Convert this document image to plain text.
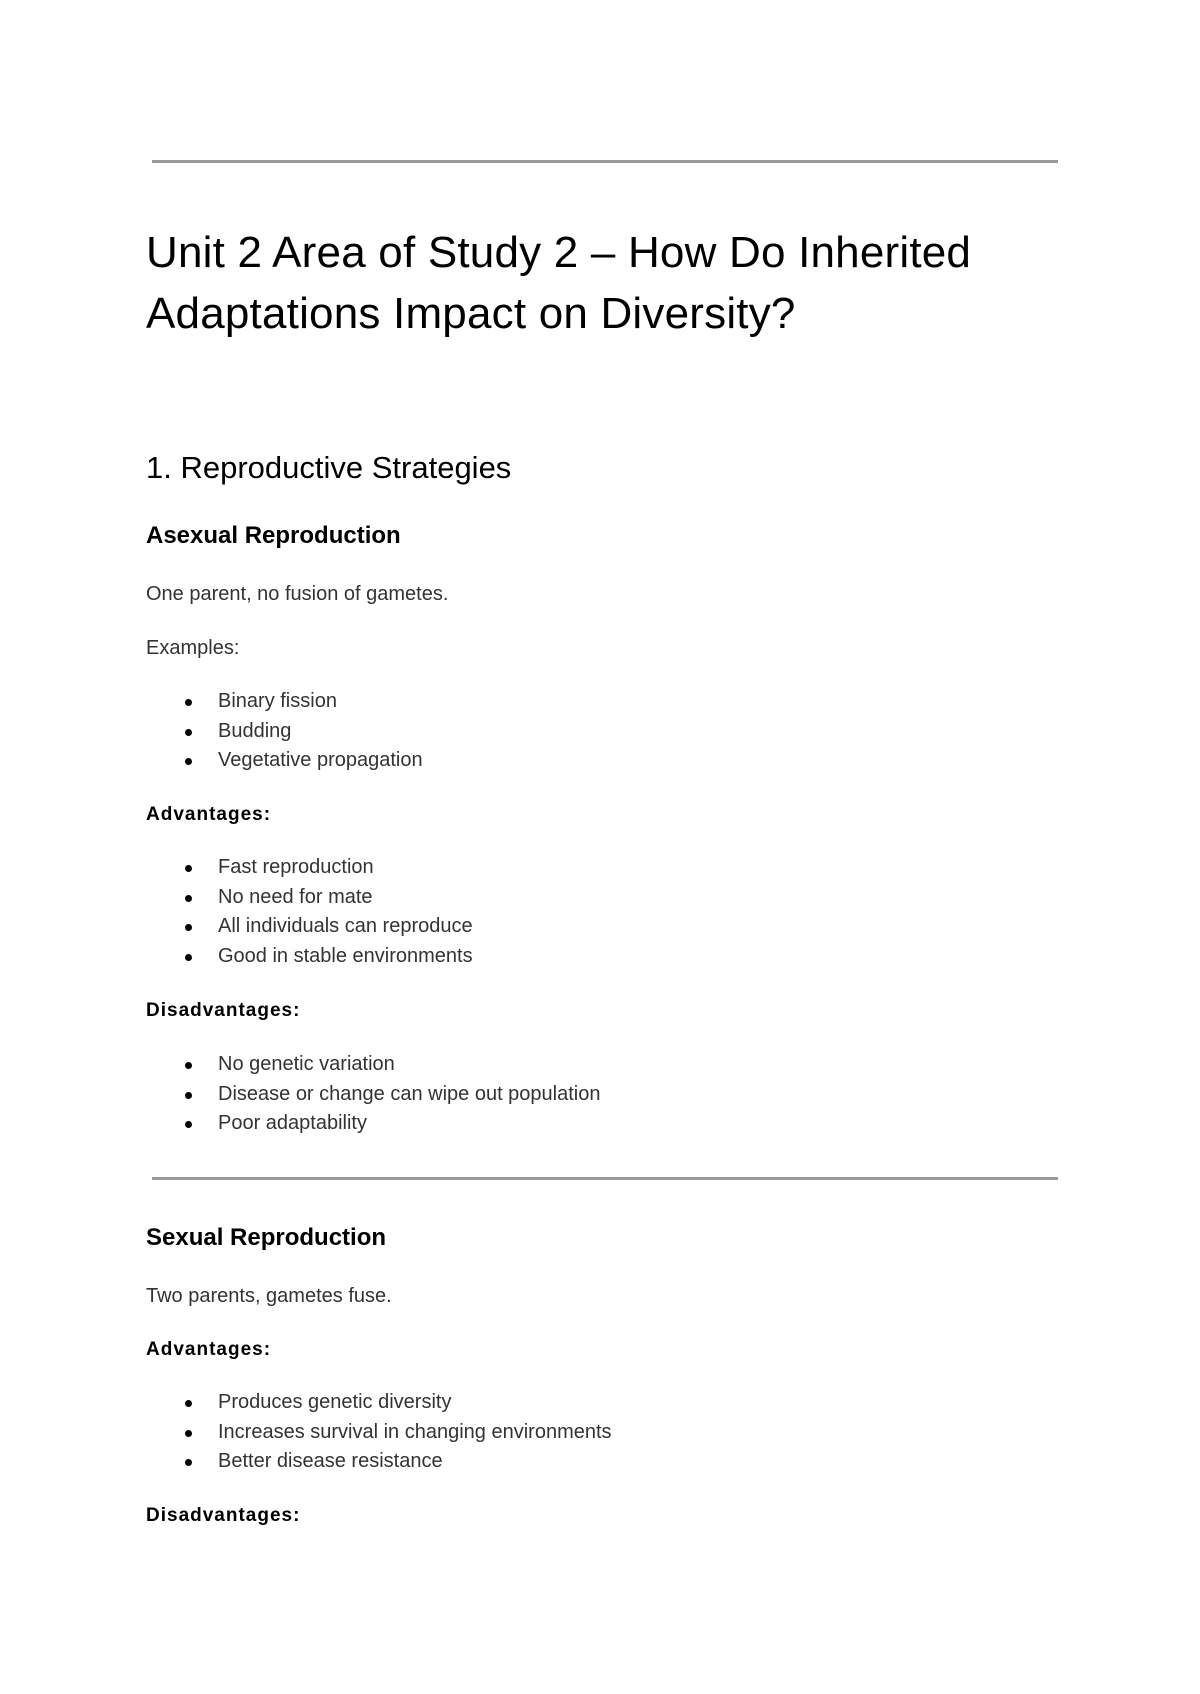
Unit 2 Area of Study 2 – How Do Inherited Adaptations Impact on Diversity?
1. Reproductive Strategies
Asexual Reproduction

One parent, no fusion of gametes.

Examples:

Binary fission
Budding
Vegetative propagation

Advantages:

Fast reproduction
No need for mate
All individuals can reproduce
Good in stable environments

Disadvantages:

No genetic variation
Disease or change can wipe out population
Poor adaptability
Sexual Reproduction

Two parents, gametes fuse.

Advantages:

Produces genetic diversity
Increases survival in changing environments
Better disease resistance

Disadvantages:
